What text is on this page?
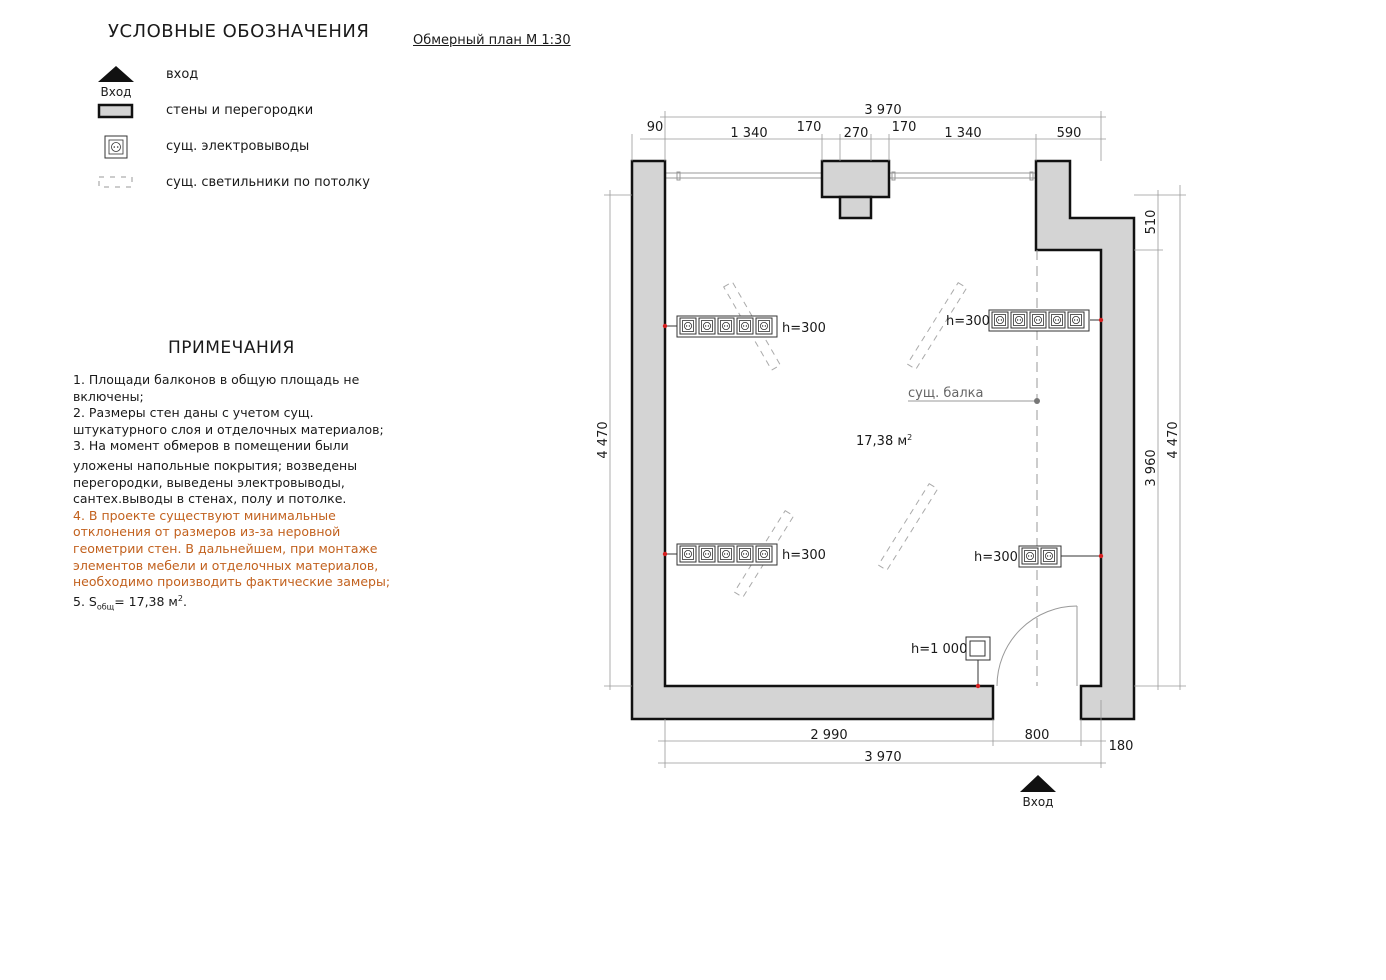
УСЛОВНЫЕ ОБОЗНАЧЕНИЯ	Обмерный план М 1:30
вход
стены и перегородки
сущ. электровыводы
сущ. светильники по потолку
ПРИМЕЧАНИЯ

1. Площади балконов в общую площадь не включены;

2. Размеры стен даны с учетом сущ. штукатурного слоя и отделочных материалов;

3. На момент обмеров в помещении были

уложены напольные покрытия; возведены перегородки, выведены электровыводы, сантех.выводы в стенах, полу и потолке.

4. В проекте существуют минимальные отклонения от размеров из-за неровной геометрии стен. В дальнейшем, при монтаже элементов мебели и отделочных материалов, необходимо производить фактические замеры;

5. $S_{общ}= 17,38$ $м^2$.

Вход
сущ. балка
h=300	h=300
h=300	h=300
h=1 000
17,38 $м^2$
3 970
90	1 340 170 270 170 1 340	590
2 990	800
180
3 970
4 470
510
3 960
4 470
Вход
